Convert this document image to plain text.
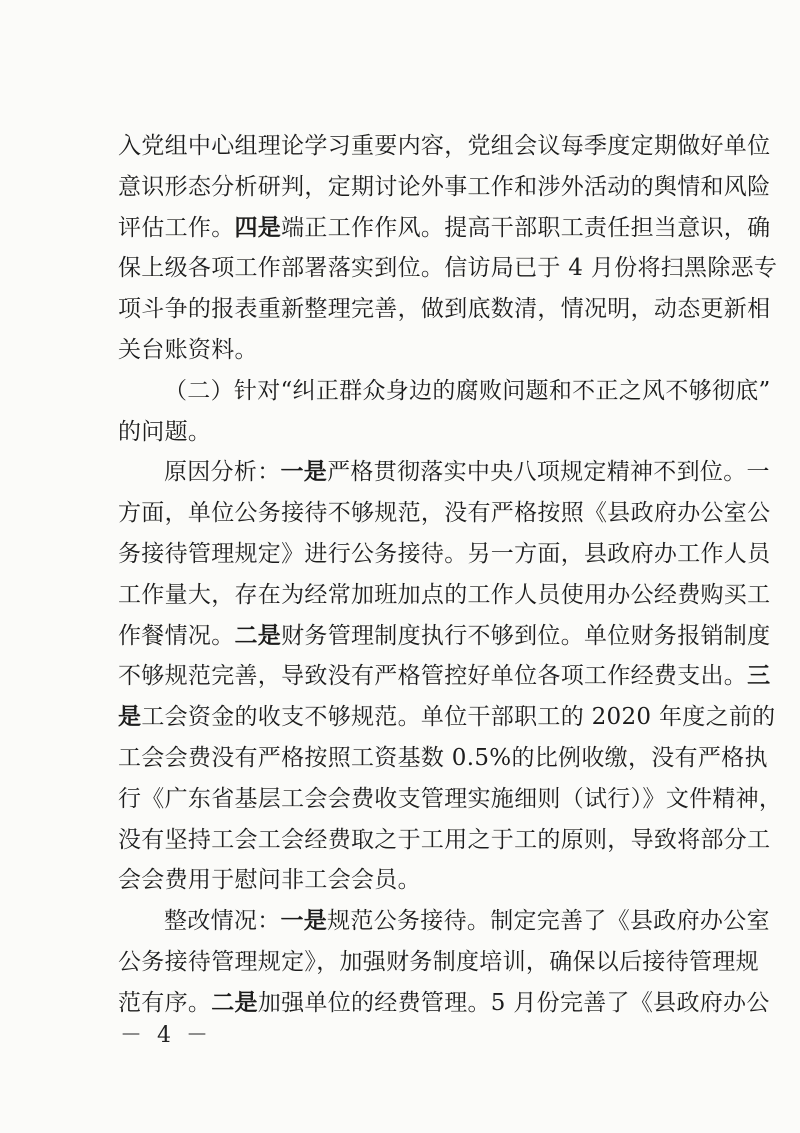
入党组中心组理论学习重要内容，党组会议每季度定期做好单位
意识形态分析研判，定期讨论外事工作和涉外活动的舆情和风险
评估工作。四是端正工作作风。提高干部职工责任担当意识，确
保上级各项工作部署落实到位。信访局已于 4 月份将扫黑除恶专
项斗争的报表重新整理完善，做到底数清，情况明，动态更新相
关台账资料。
（二）针对“纠正群众身边的腐败问题和不正之风不够彻底”
的问题。
原因分析：一是严格贯彻落实中央八项规定精神不到位。一
方面，单位公务接待不够规范，没有严格按照《县政府办公室公
务接待管理规定》进行公务接待。另一方面，县政府办工作人员
工作量大，存在为经常加班加点的工作人员使用办公经费购买工
作餐情况。二是财务管理制度执行不够到位。单位财务报销制度
不够规范完善，导致没有严格管控好单位各项工作经费支出。三
是工会资金的收支不够规范。单位干部职工的 2020 年度之前的
工会会费没有严格按照工资基数 0.5%的比例收缴，没有严格执
行《广东省基层工会会费收支管理实施细则（试行）》文件精神，
没有坚持工会工会经费取之于工用之于工的原则，导致将部分工
会会费用于慰问非工会会员。
整改情况：一是规范公务接待。制定完善了《县政府办公室
公务接待管理规定》，加强财务制度培训，确保以后接待管理规
范有序。二是加强单位的经费管理。5 月份完善了《县政府办公
－ 4 －
